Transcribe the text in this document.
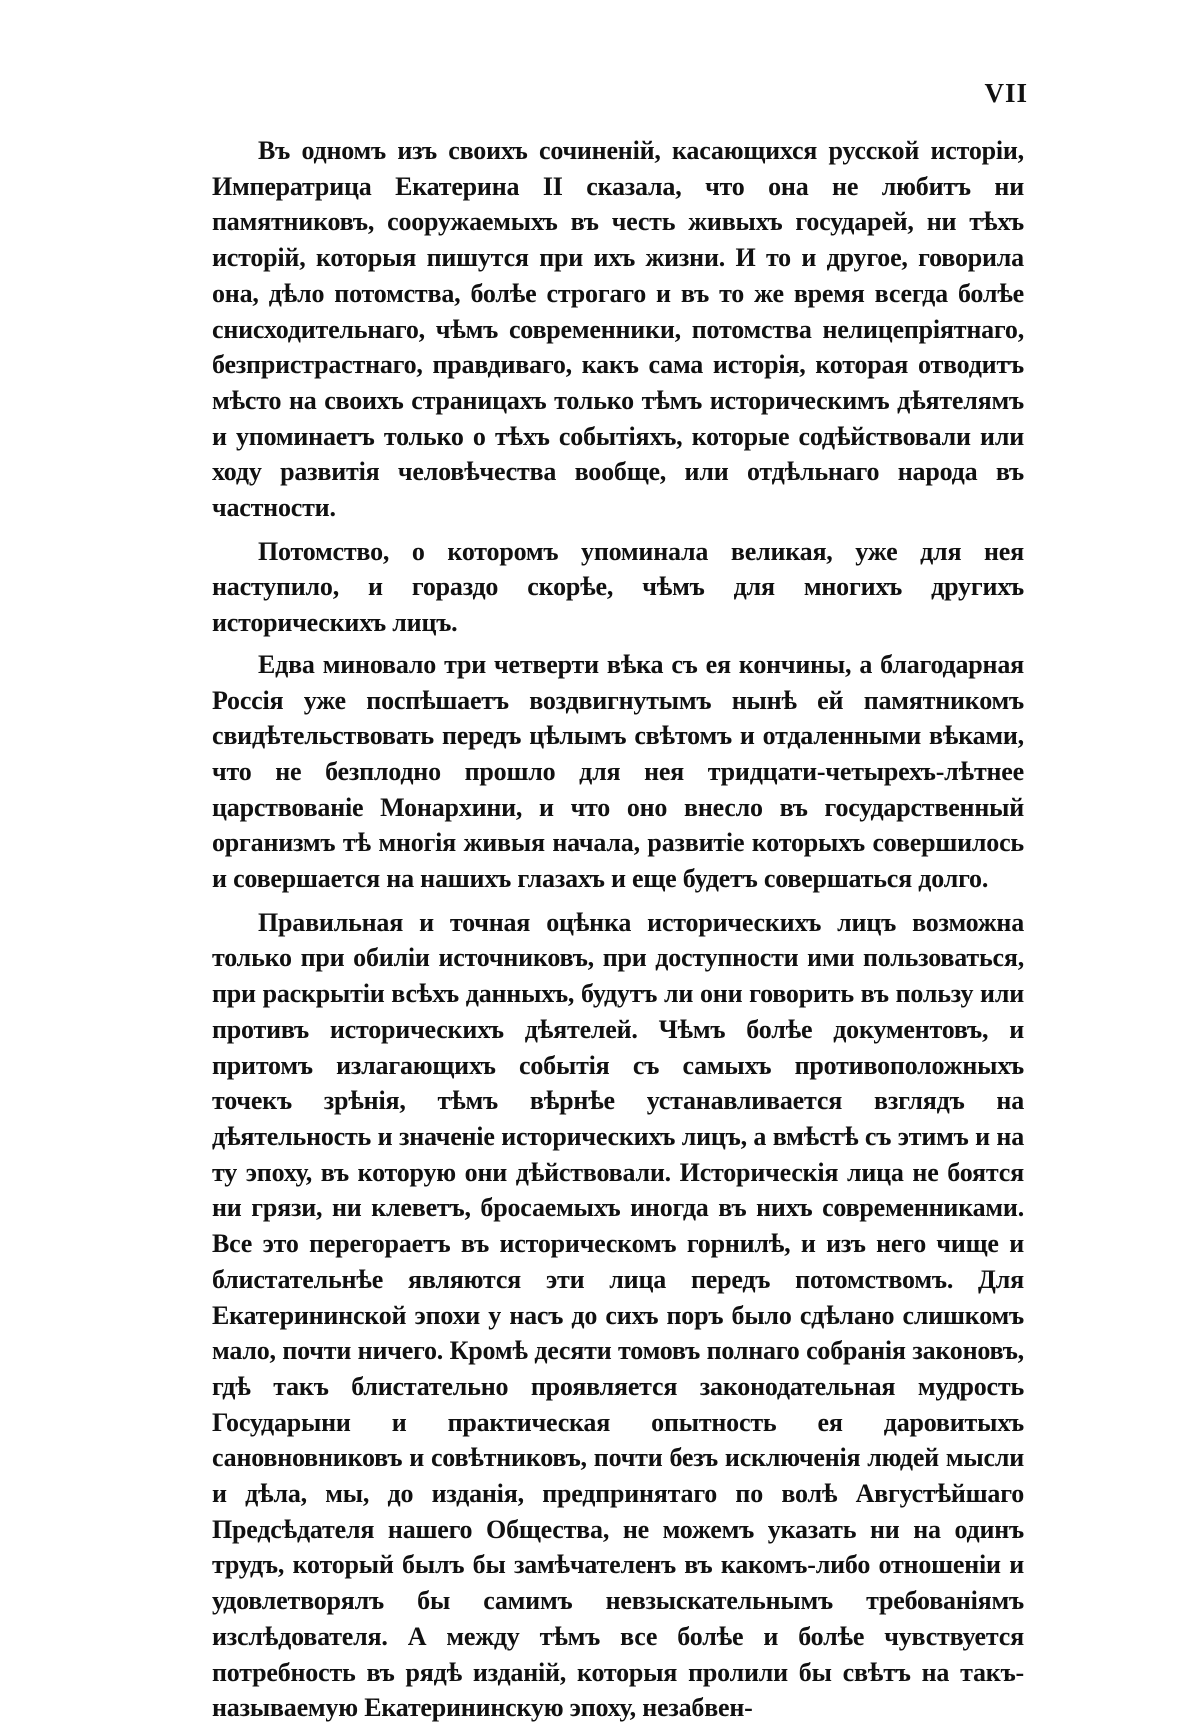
VII

Въ одномъ изъ своихъ сочиненій, касающихся русской исторіи, Императрица Екатерина II сказала, что она не любитъ ни памятниковъ, сооружаемыхъ въ честь живыхъ государей, ни тѣхъ исторій, которыя пишутся при ихъ жизни. И то и другое, говорила она, дѣло потомства, болѣе строгаго и въ то же время всегда болѣе снисходительнаго, чѣмъ современники, потомства нелицепріятнаго, безпристрастнаго, правдиваго, какъ сама исторія, которая отводитъ мѣсто на своихъ страницахъ только тѣмъ историческимъ дѣятелямъ и упоминаетъ только о тѣхъ событіяхъ, которые содѣйствовали или ходу развитія человѣчества вообще, или отдѣльнаго народа въ частности.

Потомство, о которомъ упоминала великая, уже для нея наступило, и гораздо скорѣе, чѣмъ для многихъ другихъ историческихъ лицъ.

Едва миновало три четверти вѣка съ ея кончины, а благодарная Россія уже поспѣшаетъ воздвигнутымъ нынѣ ей памятникомъ свидѣтельствовать передъ цѣлымъ свѣтомъ и отдаленными вѣками, что не безплодно прошло для нея тридцати-четырехъ-лѣтнее царствованіе Монархини, и что оно внесло въ государственный организмъ тѣ многія живыя начала, развитіе которыхъ совершилось и совершается на нашихъ глазахъ и еще будетъ совершаться долго.

Правильная и точная оцѣнка историческихъ лицъ возможна только при обиліи источниковъ, при доступности ими пользоваться, при раскрытіи всѣхъ данныхъ, будутъ ли они говорить въ пользу или противъ историческихъ дѣятелей. Чѣмъ болѣе документовъ, и притомъ излагающихъ событія съ самыхъ противоположныхъ точекъ зрѣнія, тѣмъ вѣрнѣе устанавливается взглядъ на дѣятельность и значеніе историческихъ лицъ, а вмѣстѣ съ этимъ и на ту эпоху, въ которую они дѣйствовали. Историческія лица не боятся ни грязи, ни клеветъ, бросаемыхъ иногда въ нихъ современниками. Все это перегораетъ въ историческомъ горнилѣ, и изъ него чище и блистательнѣе являются эти лица передъ потомствомъ. Для Екатерининской эпохи у насъ до сихъ поръ было сдѣлано слишкомъ мало, почти ничего. Кромѣ десяти томовъ полнаго собранія законовъ, гдѣ такъ блистательно проявляется законодательная мудрость Государыни и практическая опытность ея даровитыхъ сановновниковъ и совѣтниковъ, почти безъ исключенія людей мысли и дѣла, мы, до изданія, предпринятаго по волѣ Августѣйшаго Предсѣдателя нашего Общества, не можемъ указать ни на одинъ трудъ, который былъ бы замѣчателенъ въ какомъ-либо отношеніи и удовлетворялъ бы самимъ невзыскательнымъ требованіямъ изслѣдователя. А между тѣмъ все болѣе и болѣе чувствуется потребность въ рядѣ изданій, которыя пролили бы свѣтъ на такъ-называемую Екатерининскую эпоху, незабвен-
